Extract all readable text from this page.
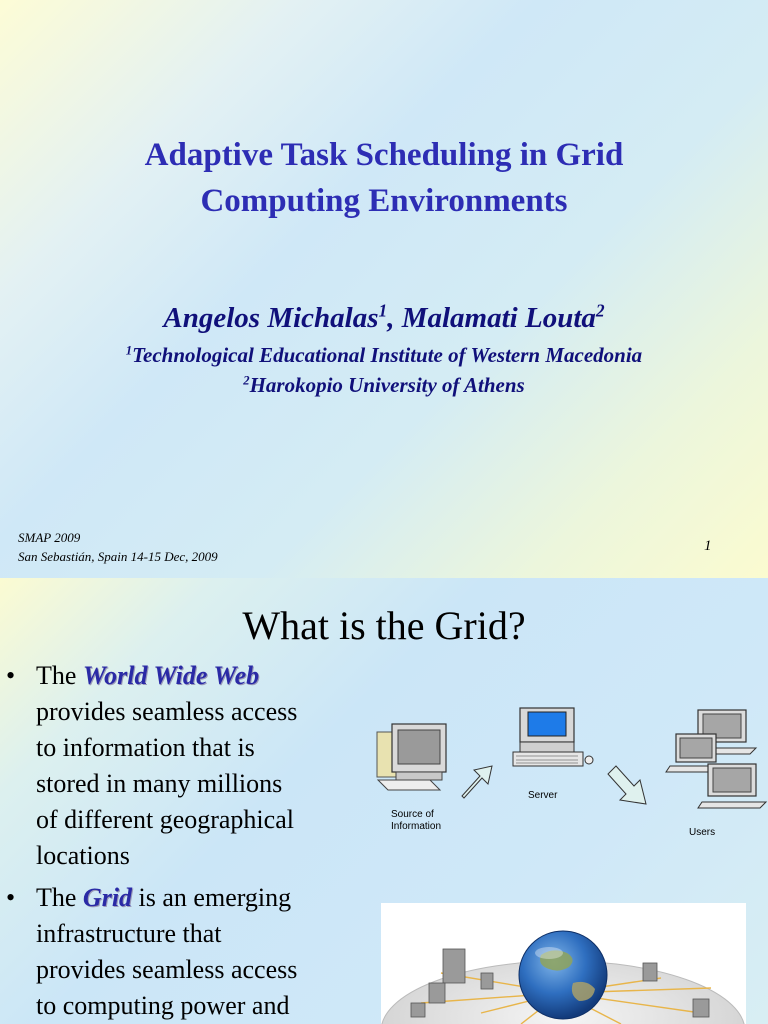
Adaptive Task Scheduling in Grid
Computing Environments
Angelos Michalas$^1$, Malamati Louta$^2$
$^1$Technological Educational Institute of Western Macedonia
$^2$Harokopio University of Athens
SMAP 2009
San Sebastián, Spain 14-15 Dec, 2009
1
What is the Grid?
• The World Wide Web
provides seamless access
to information that is
stored in many millions
of different geographical
locations
• The Grid is an emerging
infrastructure that
provides seamless access
to computing power and
Source of
Information
Server
Users
